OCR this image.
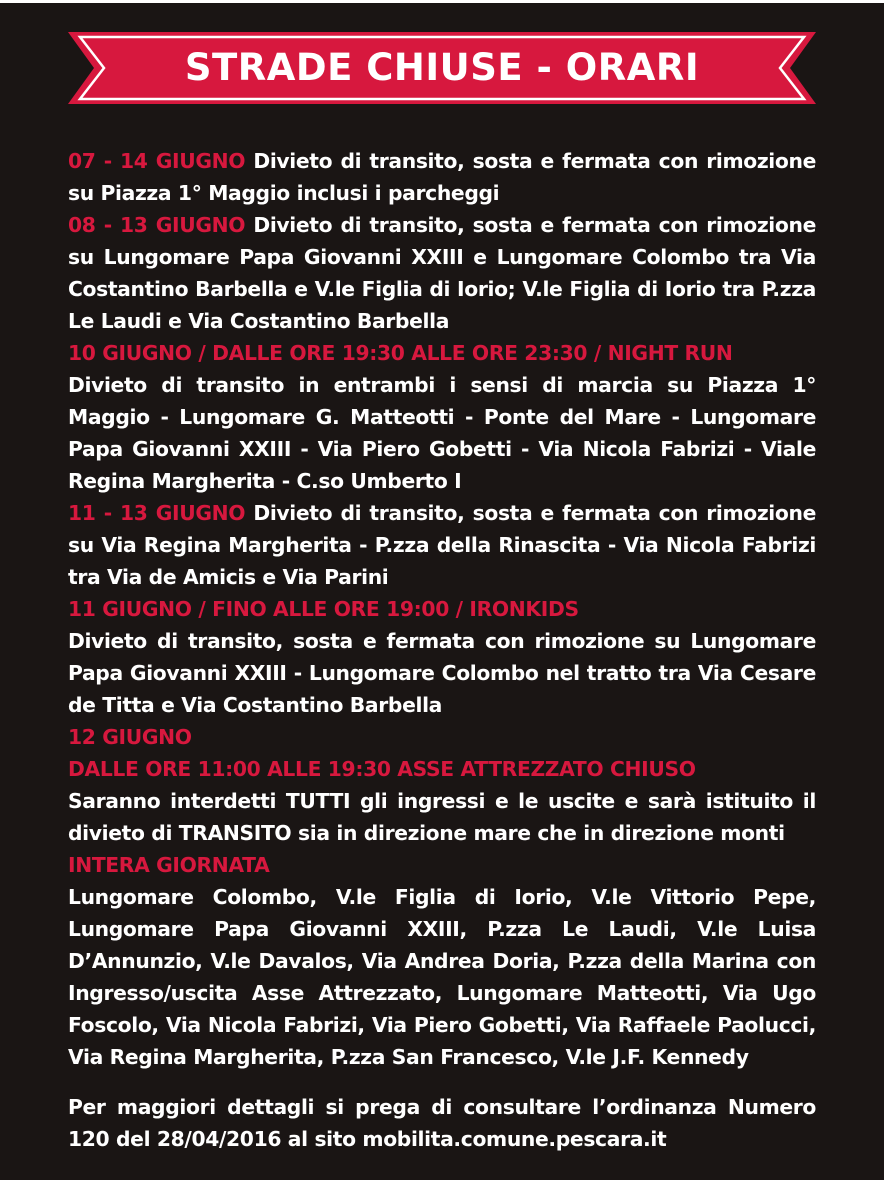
STRADE CHIUSE - ORARI

07 - 14 GIUGNO Divieto di transito, sosta e fermata con rimozione su Piazza 1° Maggio inclusi i parcheggi

08 - 13 GIUGNO Divieto di transito, sosta e fermata con rimozione su Lungomare Papa Giovanni XXIII e Lungomare Colombo tra Via Costantino Barbella e V.le Figlia di Iorio; V.le Figlia di Iorio tra P.zza Le Laudi e Via Costantino Barbella

10 GIUGNO / DALLE ORE 19:30 ALLE ORE 23:30 / NIGHT RUN

Divieto di transito in entrambi i sensi di marcia su Piazza 1° Maggio - Lungomare G. Matteotti - Ponte del Mare - Lungomare Papa Giovanni XXIII - Via Piero Gobetti - Via Nicola Fabrizi - Viale Regina Margherita - C.so Umberto I

11 - 13 GIUGNO Divieto di transito, sosta e fermata con rimozione su Via Regina Margherita - P.zza della Rinascita - Via Nicola Fabrizi tra Via de Amicis e Via Parini

11 GIUGNO / FINO ALLE ORE 19:00 / IRONKIDS

Divieto di transito, sosta e fermata con rimozione su Lungomare Papa Giovanni XXIII - Lungomare Colombo nel tratto tra Via Cesare de Titta e Via Costantino Barbella

12 GIUGNO

DALLE ORE 11:00 ALLE 19:30 ASSE ATTREZZATO CHIUSO

Saranno interdetti TUTTI gli ingressi e le uscite e sarà istituito il divieto di TRANSITO sia in direzione mare che in direzione monti

INTERA GIORNATA

Lungomare Colombo, V.le Figlia di Iorio, V.le Vittorio Pepe, Lungomare Papa Giovanni XXIII, P.zza Le Laudi, V.le Luisa D’Annunzio, V.le Davalos, Via Andrea Doria, P.zza della Marina con Ingresso/uscita Asse Attrezzato, Lungomare Matteotti, Via Ugo Foscolo, Via Nicola Fabrizi, Via Piero Gobetti, Via Raffaele Paolucci, Via Regina Margherita, P.zza San Francesco, V.le J.F. Kennedy

Per maggiori dettagli si prega di consultare l’ordinanza Numero 120 del 28/04/2016 al sito mobilita.comune.pescara.it
